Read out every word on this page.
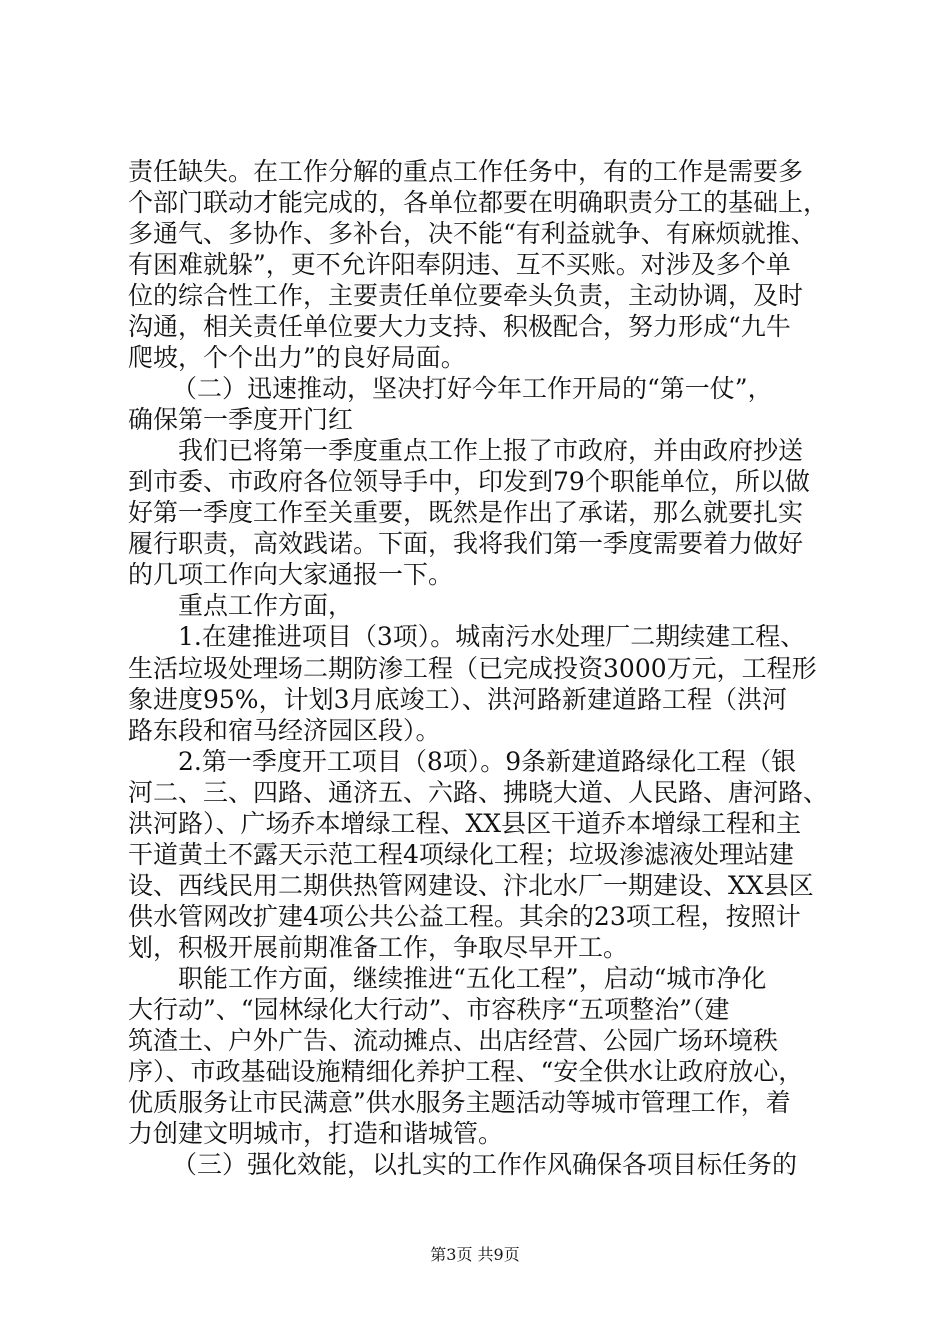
责任缺失。在工作分解的重点工作任务中，有的工作是需要多
个部门联动才能完成的，各单位都要在明确职责分工的基础上，
多通气、多协作、多补台，决不能“有利益就争、有麻烦就推、
有困难就躲”，更不允许阳奉阴违、互不买账。对涉及多个单
位的综合性工作，主要责任单位要牵头负责，主动协调，及时
沟通，相关责任单位要大力支持、积极配合，努力形成“九牛
爬坡，个个出力”的良好局面。
（二）迅速推动，坚决打好今年工作开局的“第一仗”，
确保第一季度开门红
我们已将第一季度重点工作上报了市政府，并由政府抄送
到市委、市政府各位领导手中，印发到79个职能单位，所以做
好第一季度工作至关重要，既然是作出了承诺，那么就要扎实
履行职责，高效践诺。下面，我将我们第一季度需要着力做好
的几项工作向大家通报一下。
重点工作方面，
1.在建推进项目（3项）。城南污水处理厂二期续建工程、
生活垃圾处理场二期防渗工程（已完成投资3000万元，工程形
象进度95%，计划3月底竣工）、洪河路新建道路工程（洪河
路东段和宿马经济园区段）。
2.第一季度开工项目（8项）。9条新建道路绿化工程（银
河二、三、四路、通济五、六路、拂晓大道、人民路、唐河路、
洪河路）、广场乔本增绿工程、XX县区干道乔本增绿工程和主
干道黄土不露天示范工程4项绿化工程；垃圾渗滤液处理站建
设、西线民用二期供热管网建设、汴北水厂一期建设、XX县区
供水管网改扩建4项公共公益工程。其余的23项工程，按照计
划，积极开展前期准备工作，争取尽早开工。
职能工作方面，继续推进“五化工程”，启动“城市净化
大行动”、“园林绿化大行动”、市容秩序“五项整治”（建
筑渣土、户外广告、流动摊点、出店经营、公园广场环境秩
序）、市政基础设施精细化养护工程、“安全供水让政府放心，
优质服务让市民满意”供水服务主题活动等城市管理工作，着
力创建文明城市，打造和谐城管。
（三）强化效能，以扎实的工作作风确保各项目标任务的
第3页 共9页
